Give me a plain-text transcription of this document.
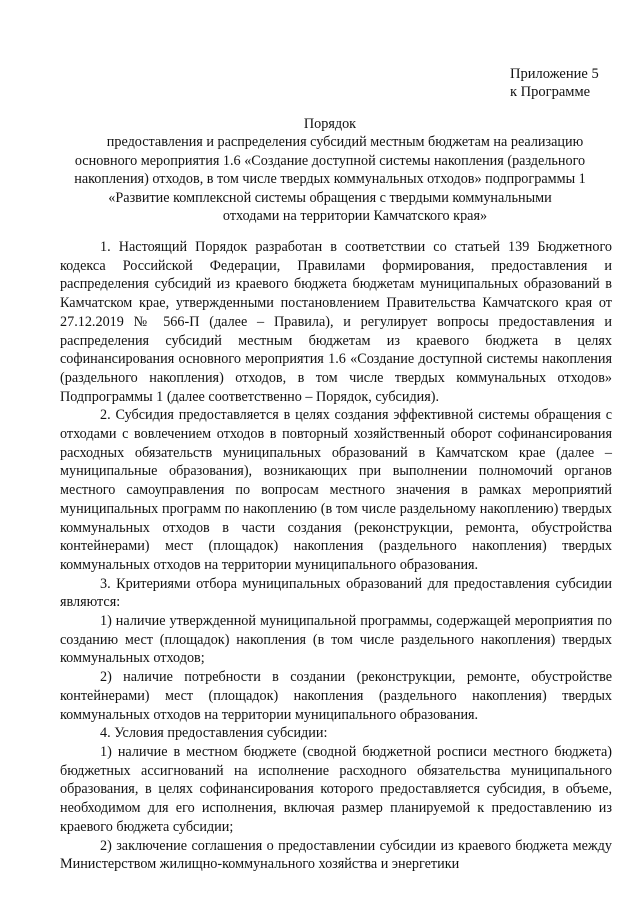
Приложение 5
к Программе
Порядок
предоставления и распределения субсидий местным бюджетам на реализацию
основного мероприятия 1.6 «Создание доступной системы накопления (раздельного
накопления) отходов, в том числе твердых коммунальных отходов» подпрограммы 1
«Развитие комплексной системы обращения с твердыми коммунальными
отходами на территории Камчатского края»

1. Настоящий Порядок разработан в соответствии со статьей 139 Бюджетного кодекса Российской Федерации, Правилами формирования, предоставления и распределения субсидий из краевого бюджета бюджетам муниципальных образований в Камчатском крае, утвержденными постановлением Правительства Камчатского края от 27.12.2019 № 566-П (далее – Правила), и регулирует вопросы предоставления и распределения субсидий местным бюджетам из краевого бюджета в целях софинансирования основного мероприятия 1.6 «Создание доступной системы накопления (раздельного накопления) отходов, в том числе твердых коммунальных отходов» Подпрограммы 1 (далее соответственно – Порядок, субсидия).

2. Субсидия предоставляется в целях создания эффективной системы обращения с отходами с вовлечением отходов в повторный хозяйственный оборот софинансирования расходных обязательств муниципальных образований в Камчатском крае (далее – муниципальные образования), возникающих при выполнении полномочий органов местного самоуправления по вопросам местного значения в рамках мероприятий муниципальных программ по накоплению (в том числе раздельному накоплению) твердых коммунальных отходов в части создания (реконструкции, ремонта, обустройства контейнерами) мест (площадок) накопления (раздельного накопления) твердых коммунальных отходов на территории муниципального образования.

3. Критериями отбора муниципальных образований для предоставления субсидии являются:

1) наличие утвержденной муниципальной программы, содержащей мероприятия по созданию мест (площадок) накопления (в том числе раздельного накопления) твердых коммунальных отходов;

2) наличие потребности в создании (реконструкции, ремонте, обустройстве контейнерами) мест (площадок) накопления (раздельного накопления) твердых коммунальных отходов на территории муниципального образования.

4. Условия предоставления субсидии:

1) наличие в местном бюджете (сводной бюджетной росписи местного бюджета) бюджетных ассигнований на исполнение расходного обязательства муниципального образования, в целях софинансирования которого предоставляется субсидия, в объеме, необходимом для его исполнения, включая размер планируемой к предоставлению из краевого бюджета субсидии;

2) заключение соглашения о предоставлении субсидии из краевого бюджета между Министерством жилищно-коммунального хозяйства и энергетики
